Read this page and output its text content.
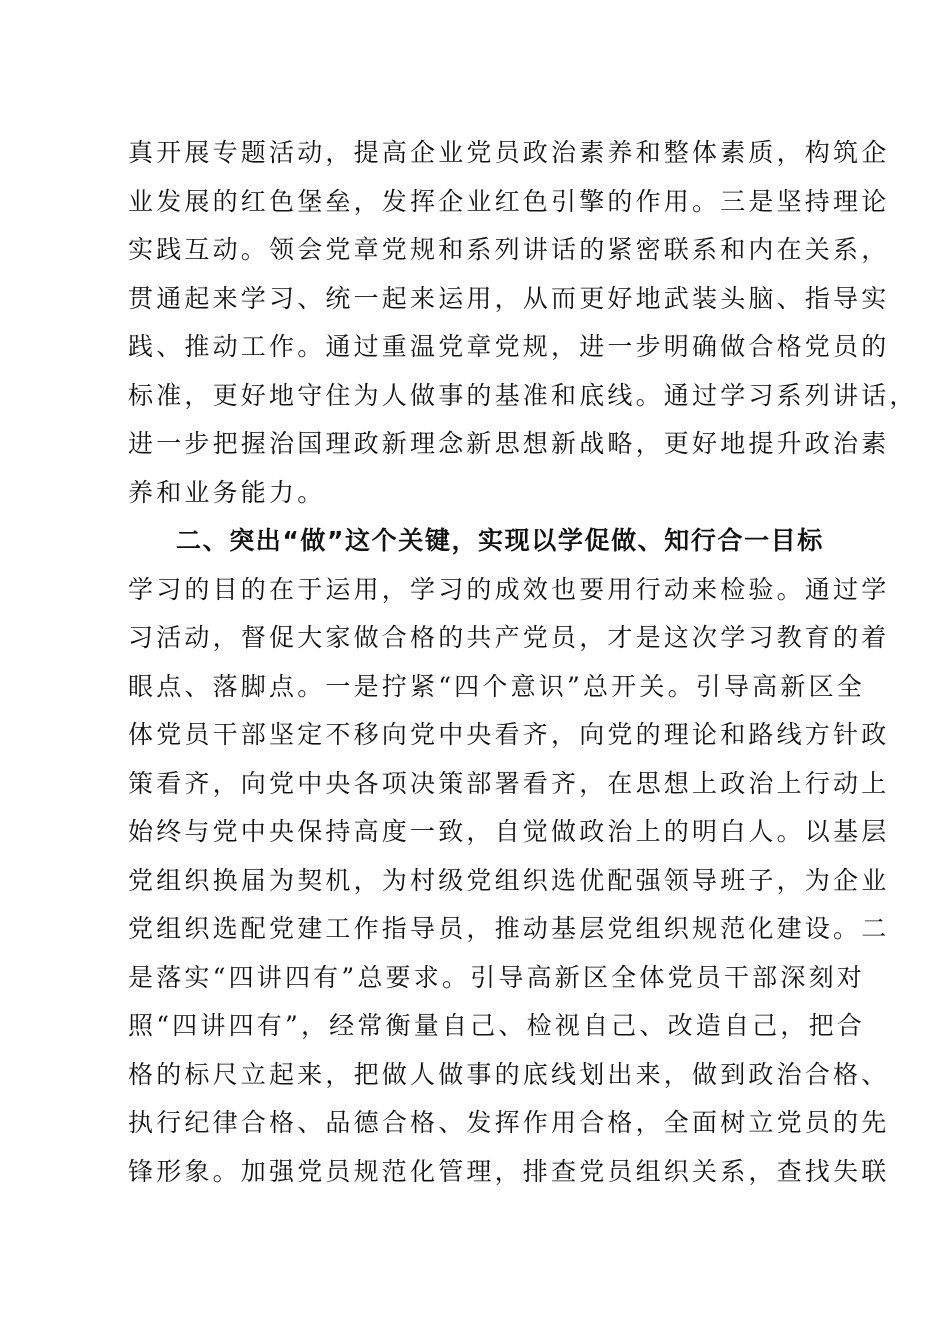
真开展专题活动，提高企业党员政治素养和整体素质，构筑企
业发展的红色堡垒，发挥企业红色引擎的作用。三是坚持理论
实践互动。领会党章党规和系列讲话的紧密联系和内在关系，
贯通起来学习、统一起来运用，从而更好地武装头脑、指导实
践、推动工作。通过重温党章党规，进一步明确做合格党员的
标准，更好地守住为人做事的基准和底线。通过学习系列讲话，
进一步把握治国理政新理念新思想新战略，更好地提升政治素
养和业务能力。
二、突出“做”这个关键，实现以学促做、知行合一目标
学习的目的在于运用，学习的成效也要用行动来检验。通过学
习活动，督促大家做合格的共产党员，才是这次学习教育的着
眼点、落脚点。一是拧紧“四个意识”总开关。引导高新区全
体党员干部坚定不移向党中央看齐，向党的理论和路线方针政
策看齐，向党中央各项决策部署看齐，在思想上政治上行动上
始终与党中央保持高度一致，自觉做政治上的明白人。以基层
党组织换届为契机，为村级党组织选优配强领导班子，为企业
党组织选配党建工作指导员，推动基层党组织规范化建设。二
是落实“四讲四有”总要求。引导高新区全体党员干部深刻对
照“四讲四有”，经常衡量自己、检视自己、改造自己，把合
格的标尺立起来，把做人做事的底线划出来，做到政治合格、
执行纪律合格、品德合格、发挥作用合格，全面树立党员的先
锋形象。加强党员规范化管理，排查党员组织关系，查找失联
